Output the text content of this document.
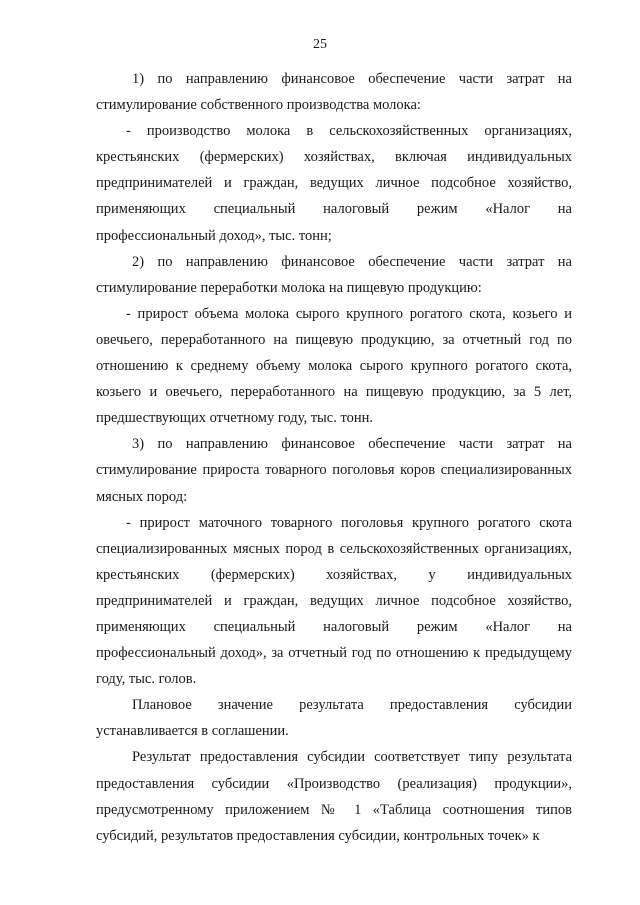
25

1) по направлению финансовое обеспечение части затрат на стимулирование собственного производства молока:

- производство молока в сельскохозяйственных организациях, крестьянских (фермерских) хозяйствах, включая индивидуальных предпринимателей и граждан, ведущих личное подсобное хозяйство, применяющих специальный налоговый режим «Налог на профессиональный доход», тыс. тонн;

2) по направлению финансовое обеспечение части затрат на стимулирование переработки молока на пищевую продукцию:

- прирост объема молока сырого крупного рогатого скота, козьего и овечьего, переработанного на пищевую продукцию, за отчетный год по отношению к среднему объему молока сырого крупного рогатого скота, козьего и овечьего, переработанного на пищевую продукцию, за 5 лет, предшествующих отчетному году, тыс. тонн.

3) по направлению финансовое обеспечение части затрат на стимулирование прироста товарного поголовья коров специализированных мясных пород:

- прирост маточного товарного поголовья крупного рогатого скота специализированных мясных пород в сельскохозяйственных организациях, крестьянских (фермерских) хозяйствах, у индивидуальных предпринимателей и граждан, ведущих личное подсобное хозяйство, применяющих специальный налоговый режим «Налог на профессиональный доход», за отчетный год по отношению к предыдущему году, тыс. голов.

Плановое значение результата предоставления субсидии устанавливается в соглашении.

Результат предоставления субсидии соответствует типу результата предоставления субсидии «Производство (реализация) продукции», предусмотренному приложением № 1 «Таблица соотношения типов субсидий, результатов предоставления субсидии, контрольных точек» к
